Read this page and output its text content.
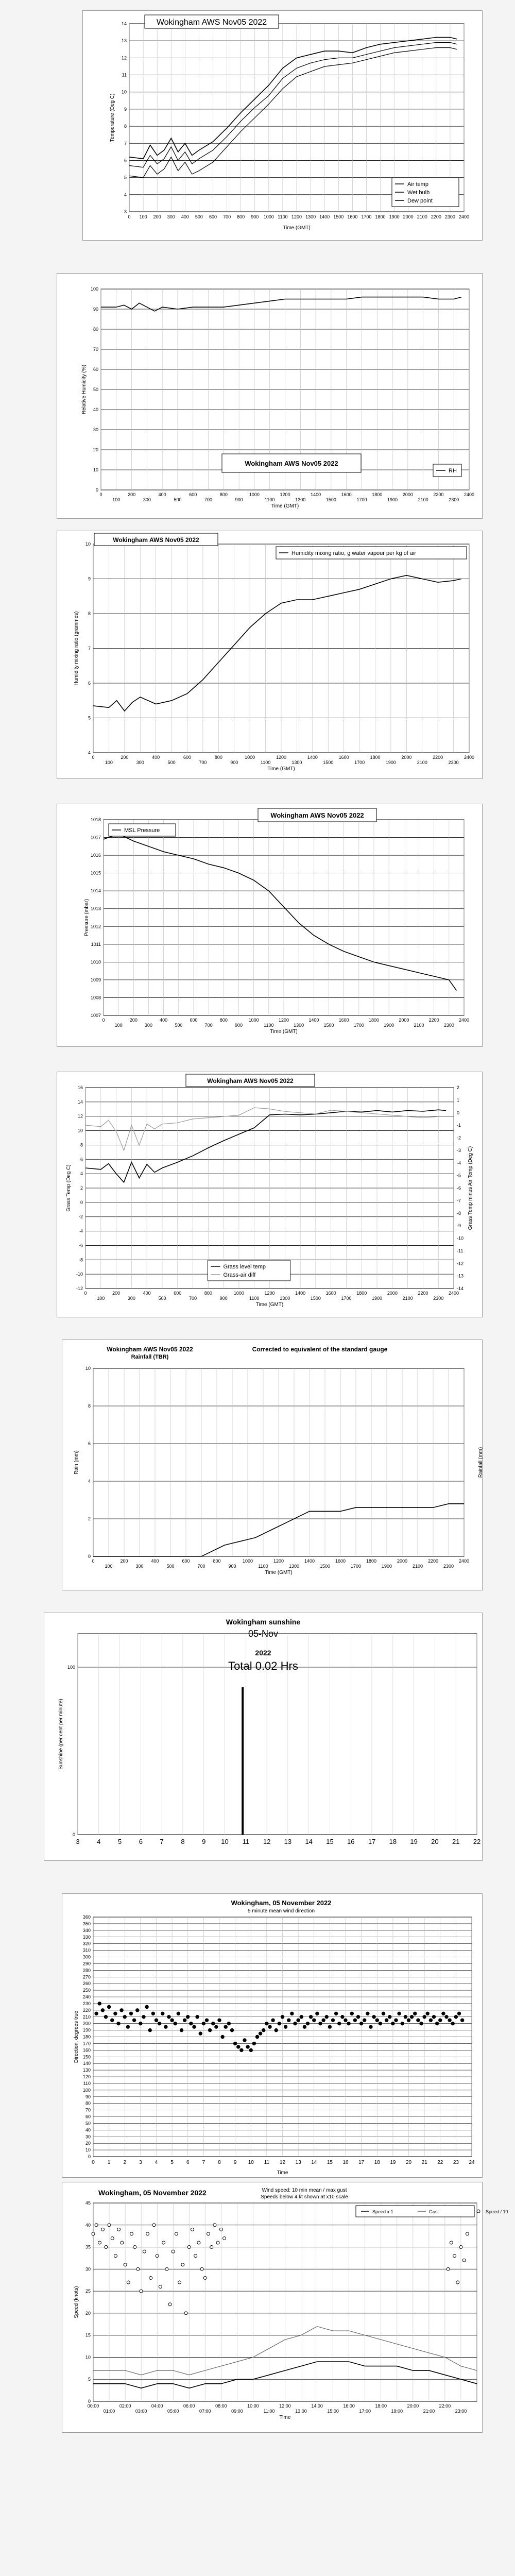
3
4
5
6
7
8
9
10
11
12
13
14
0 100 200 300 400 500 600 700 800 900 1000 1100 1200 1300 1400 1500 1600 1700 1800 1900 2000 2100 2200 2300 2400
Time (GMT)
Temperature (Deg C)
Wokingham AWS Nov05 2022
Air temp
Wet bulb
Dew point
0
10
20
30
40
50
60
70
80
90
100
0
100
200
300
400
500
600
700
800
900
1000
1100
1200
1300
1400
1500
1600
1700
1800
1900
2000
2100
2200
2300
2400
Time (GMT)
Relative Humidity (%)
Wokingham AWS Nov05 2022
RH
4
5
6
7
8
9
10
0
100
200
300
400
500
600
700
800
900
1000
1100
1200
1300
1400
1500
1600
1700
1800
1900
2000
2100
2200
2300
2400
Time (GMT)
Humidity mixing ratio (grammes)
Wokingham AWS Nov05 2022
Humidity mixing ratio, g water vapour per kg of air
1007
1008
1009
1010
1011
1012
1013
1014
1015
1016
1017
1018
0
100
200
300
400
500
600
700
800
900
1000
1100
1200
1300
1400
1500
1600
1700
1800
1900
2000
2100
2200
2300
2400
Time (GMT)
Pressure (mbar)
Wokingham AWS Nov05 2022
MSL Pressure
-12
-10
-8
-6
-4
-2
0
2
4
6
8
10
12
14
16
0
100
200
300
400
500
600
700
800
900
1000
1100
1200
1300
1400
1500
1600
1700
1800
1900
2000
2100
2200
2300
2400
-14
-13
-12
-11
-10
-9
-8
-7
-6
-5
-4
-3
-2
-1
0
1
2
Time (GMT)
Grass Temp (Deg C)	Grass Temp minus Air Temp (Deg C)
Wokingham AWS Nov05 2022
Grass level temp
Grass-air diff
0
2
4
6
8
10
0
100
200
300
400
500
600
700
800
900
1000
1100
1200
1300
1400
1500
1600
1700
1800
1900
2000
2100
2200
2300
2400
Time (GMT)
Rain (mm)	Rainfall (mm)
Wokingham AWS Nov05 2022
Rainfall (TBR)
Corrected to equivalent of the standard gauge
0
100
3	4	5	6	7	8	9 10 11 12 13 14 15 16 17 18 19 20 21 22
Sunshine (per cent per minute)
Wokingham sunshine
05-Nov
2022
Total 0.02 Hrs
0
10
20
30
40
50
60
70
80
90
100
110
120
130
140
150
160
170
180
190
200
210
220
230
240
250
260
270
280
290
300
310
320
330
340
350
360
0	1	2	3	4	5	6	7	8	9 10 11 12 13 14 15 16 17 18 19 20 21 22 23 24
Time
Direction, degrees true
Wokingham, 05 November 2022
5 minute mean wind direction
0
5
10
15
20
25
30
35
40
45
00:00	02:00	04:00	06:00	08:00	10:00	12:00	14:00	16:00	18:00	20:00	22:00
01:00	03:00	05:00	07:00	09:00	11:00	13:00	15:00	17:00	19:00	21:00	23:00
Time
Speed (knots)
Wokingham, 05 November 2022	Wind speed: 10 min mean / max gust
Speeds below 4 kt shown at x10 scale
Speed x 1	Gust	Speed / 10
